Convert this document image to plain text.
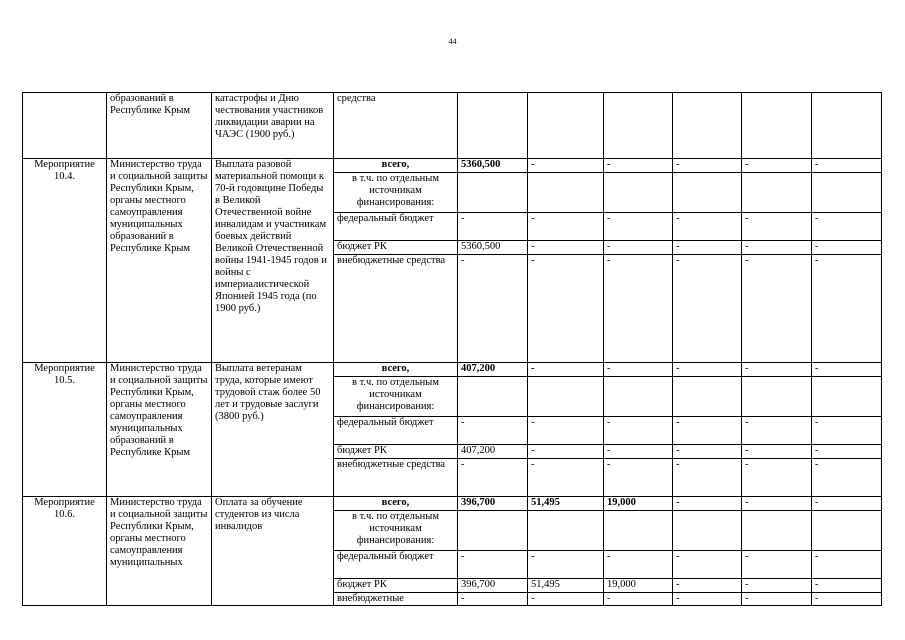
44
	образований в Республике Крым	катастрофы и Дню чествования участников ликвидации аварии на ЧАЭС (1900 руб.)	средства						
Мероприятие 10.4.	Министерство труда и социальной защиты Республики Крым, органы местного самоуправления муниципальных образований в Республике Крым	Выплата разовой материальной помощи к 70-й годовщине Победы в Великой Отечественной войне инвалидам и участникам боевых действий Великой Отечественной войны 1941-1945 годов и войны с империалистической Японией 1945 года (по 1900 руб.)	всего,	5360,500	-	-	-	-	-
			в т.ч. по отдельным источникам финансирования:						
			федеральный бюджет	-	-	-	-	-	-
			бюджет РК	5360,500	-	-	-	-	-
			внебюджетные средства	-	-	-	-	-	-
Мероприятие 10.5.	Министерство труда и социальной защиты Республики Крым, органы местного самоуправления муниципальных образований в Республике Крым	Выплата ветеранам труда, которые имеют трудовой стаж более 50 лет и трудовые заслуги (3800 руб.)	всего,	407,200	-	-	-	-	-
			в т.ч. по отдельным источникам финансирования:						
			федеральный бюджет	-	-	-	-	-	-
			бюджет РК	407,200	-	-	-	-	-
			внебюджетные средства	-	-	-	-	-	-
Мероприятие 10.6.	Министерство труда и социальной защиты Республики Крым, органы местного самоуправления муниципальных	Оплата за обучение студентов из числа инвалидов	всего,	396,700	51,495	19,000	-	-	-
			в т.ч. по отдельным источникам финансирования:						
			федеральный бюджет	-	-	-	-	-	-
			бюджет РК	396,700	51,495	19,000	-	-	-
			внебюджетные	-	-	-	-	-	-
